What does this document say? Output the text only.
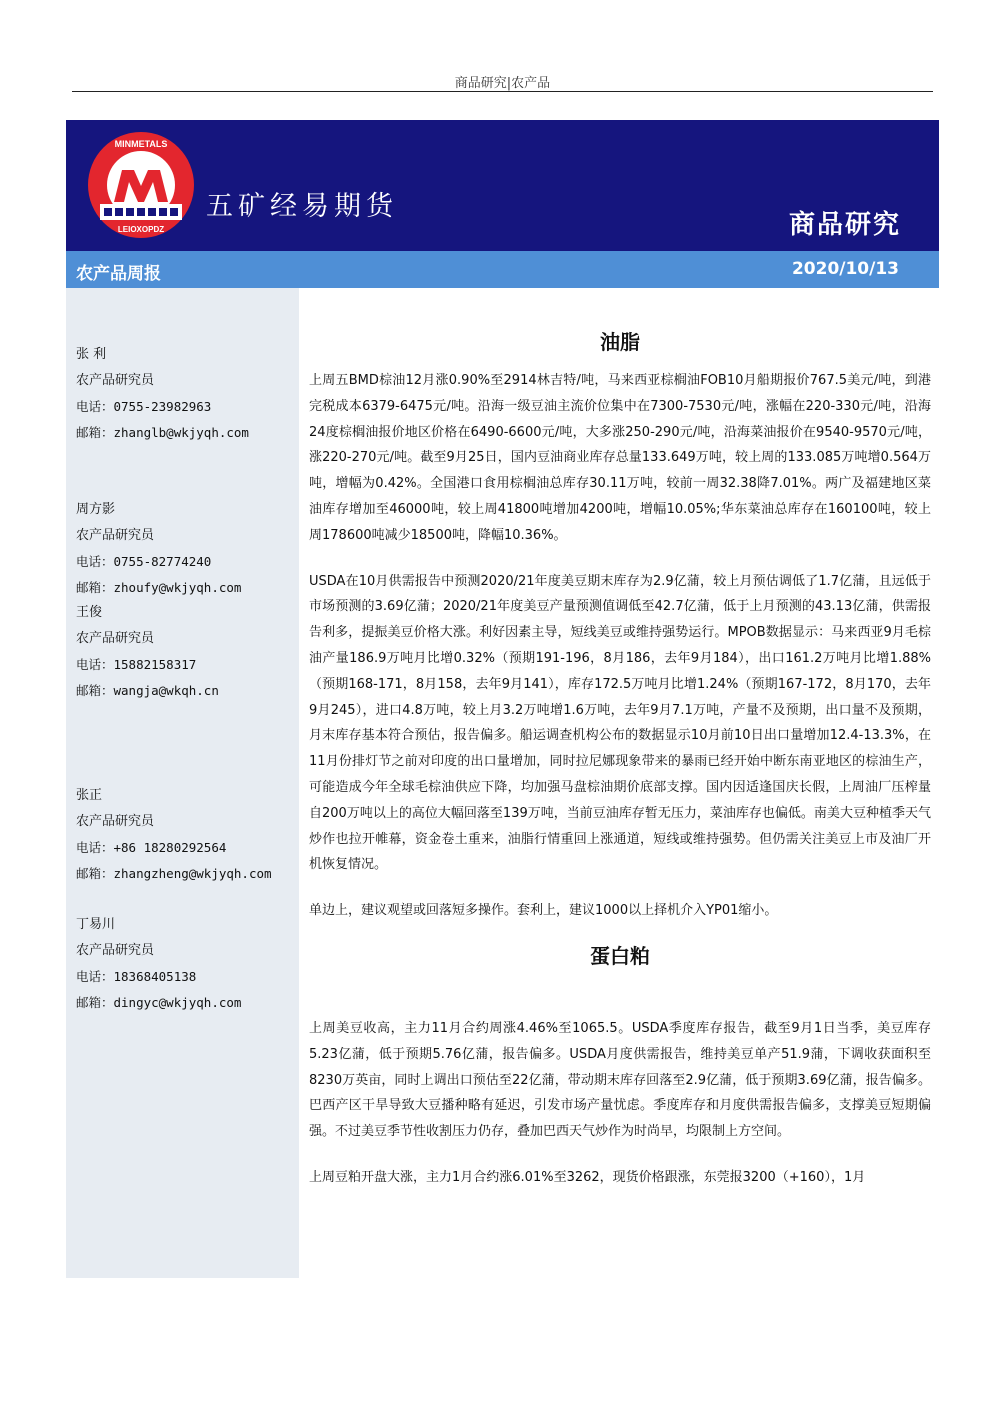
商品研究|农产品
MINMETALS
LEIOXOPDZ
五矿经易期货
商品研究
农产品周报	2020/10/13
张 利
农产品研究员
电话：0755-23982963
邮箱：zhanglb@wkjyqh.com
周方影
农产品研究员
电话：0755-82774240
邮箱：zhoufy@wkjyqh.com
王俊
农产品研究员
电话：15882158317
邮箱：wangja@wkqh.cn
张正
农产品研究员
电话：+86 18280292564
邮箱：zhangzheng@wkjyqh.com
丁易川
农产品研究员
电话：18368405138
邮箱：dingyc@wkjyqh.com
油脂

上周五BMD棕油12月涨0.90%至2914林吉特/吨，马来西亚棕榈油FOB10月船期报价767.5美元/吨，到港完税成本6379-6475元/吨。沿海一级豆油主流价位集中在7300-7530元/吨，涨幅在220-330元/吨，沿海24度棕榈油报价地区价格在6490-6600元/吨，大多涨250-290元/吨，沿海菜油报价在9540-9570元/吨，涨220-270元/吨。截至9月25日，国内豆油商业库存总量133.649万吨，较上周的133.085万吨增0.564万吨，增幅为0.42%。全国港口食用棕榈油总库存30.11万吨，较前一周32.38降7.01%。两广及福建地区菜油库存增加至46000吨，较上周41800吨增加4200吨，增幅10.05%;华东菜油总库存在160100吨，较上周178600吨减少18500吨，降幅10.36%。

USDA在10月供需报告中预测2020/21年度美豆期末库存为2.9亿蒲，较上月预估调低了1.7亿蒲，且远低于市场预测的3.69亿蒲；2020/21年度美豆产量预测值调低至42.7亿蒲，低于上月预测的43.13亿蒲，供需报告利多，提振美豆价格大涨。利好因素主导，短线美豆或维持强势运行。MPOB数据显示：马来西亚9月毛棕油产量186.9万吨月比增0.32%（预期191-196，8月186，去年9月184），出口161.2万吨月比增1.88%（预期168-171，8月158，去年9月141），库存172.5万吨月比增1.24%（预期167-172，8月170，去年9月245），进口4.8万吨，较上月3.2万吨增1.6万吨，去年9月7.1万吨，产量不及预期，出口量不及预期，月末库存基本符合预估，报告偏多。船运调查机构公布的数据显示10月前10日出口量增加12.4-13.3%，在11月份排灯节之前对印度的出口量增加，同时拉尼娜现象带来的暴雨已经开始中断东南亚地区的棕油生产，可能造成今年全球毛棕油供应下降，均加强马盘棕油期价底部支撑。国内因适逢国庆长假，上周油厂压榨量自200万吨以上的高位大幅回落至139万吨，当前豆油库存暂无压力，菜油库存也偏低。南美大豆种植季天气炒作也拉开帷幕，资金卷土重来，油脂行情重回上涨通道，短线或维持强势。但仍需关注美豆上市及油厂开机恢复情况。

单边上，建议观望或回落短多操作。套利上，建议1000以上择机介入YP01缩小。

蛋白粕

上周美豆收高，主力11月合约周涨4.46%至1065.5。USDA季度库存报告，截至9月1日当季，美豆库存5.23亿蒲，低于预期5.76亿蒲，报告偏多。USDA月度供需报告，维持美豆单产51.9蒲，下调收获面积至8230万英亩，同时上调出口预估至22亿蒲，带动期末库存回落至2.9亿蒲，低于预期3.69亿蒲，报告偏多。巴西产区干旱导致大豆播种略有延迟，引发市场产量忧虑。季度库存和月度供需报告偏多，支撑美豆短期偏强。不过美豆季节性收割压力仍存，叠加巴西天气炒作为时尚早，均限制上方空间。

上周豆粕开盘大涨，主力1月合约涨6.01%至3262，现货价格跟涨，东莞报3200（+160），1月
